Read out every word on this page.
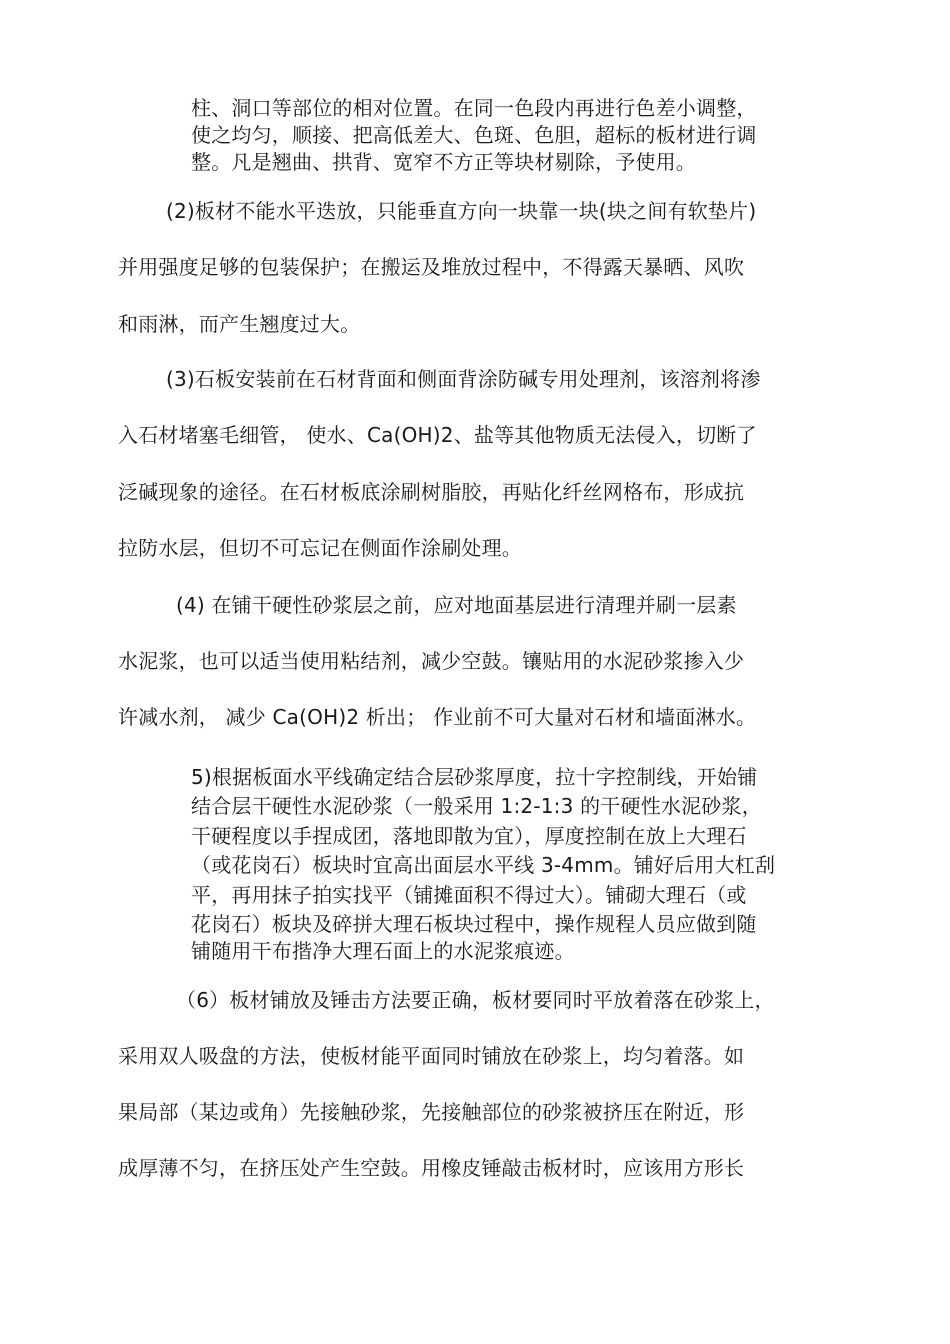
柱、洞口等部位的相对位置。在同一色段内再进行色差小调整，
使之均匀，顺接、把高低差大、色斑、色胆，超标的板材进行调
整。凡是翘曲、拱背、宽窄不方正等块材剔除，予使用。
(2)板材不能水平迭放，只能垂直方向一块靠一块(块之间有软垫片)
并用强度足够的包装保护；在搬运及堆放过程中，不得露天暴晒、风吹
和雨淋，而产生翘度过大。
(3)石板安装前在石材背面和侧面背涂防碱专用处理剂，该溶剂将渗
入石材堵塞毛细管， 使水、Ca(OH)2、盐等其他物质无法侵入，切断了
泛碱现象的途径。在石材板底涂刷树脂胶，再贴化纤丝网格布，形成抗
拉防水层，但切不可忘记在侧面作涂刷处理。
(4) 在铺干硬性砂浆层之前，应对地面基层进行清理并刷一层素
水泥浆，也可以适当使用粘结剂，减少空鼓。镶贴用的水泥砂浆掺入少
许减水剂， 减少 Ca(OH)2 析出； 作业前不可大量对石材和墙面淋水。
5)根据板面水平线确定结合层砂浆厚度，拉十字控制线，开始铺
结合层干硬性水泥砂浆（一般采用 1:2-1:3 的干硬性水泥砂浆，
干硬程度以手捏成团，落地即散为宜），厚度控制在放上大理石
（或花岗石）板块时宜高出面层水平线 3-4mm。铺好后用大杠刮
平，再用抹子拍实找平（铺摊面积不得过大）。铺砌大理石（或
花岗石）板块及碎拼大理石板块过程中，操作规程人员应做到随
铺随用干布揩净大理石面上的水泥浆痕迹。
（6）板材铺放及锤击方法要正确，板材要同时平放着落在砂浆上，
采用双人吸盘的方法，使板材能平面同时铺放在砂浆上，均匀着落。如
果局部（某边或角）先接触砂浆，先接触部位的砂浆被挤压在附近，形
成厚薄不匀，在挤压处产生空鼓。用橡皮锤敲击板材时，应该用方形长
